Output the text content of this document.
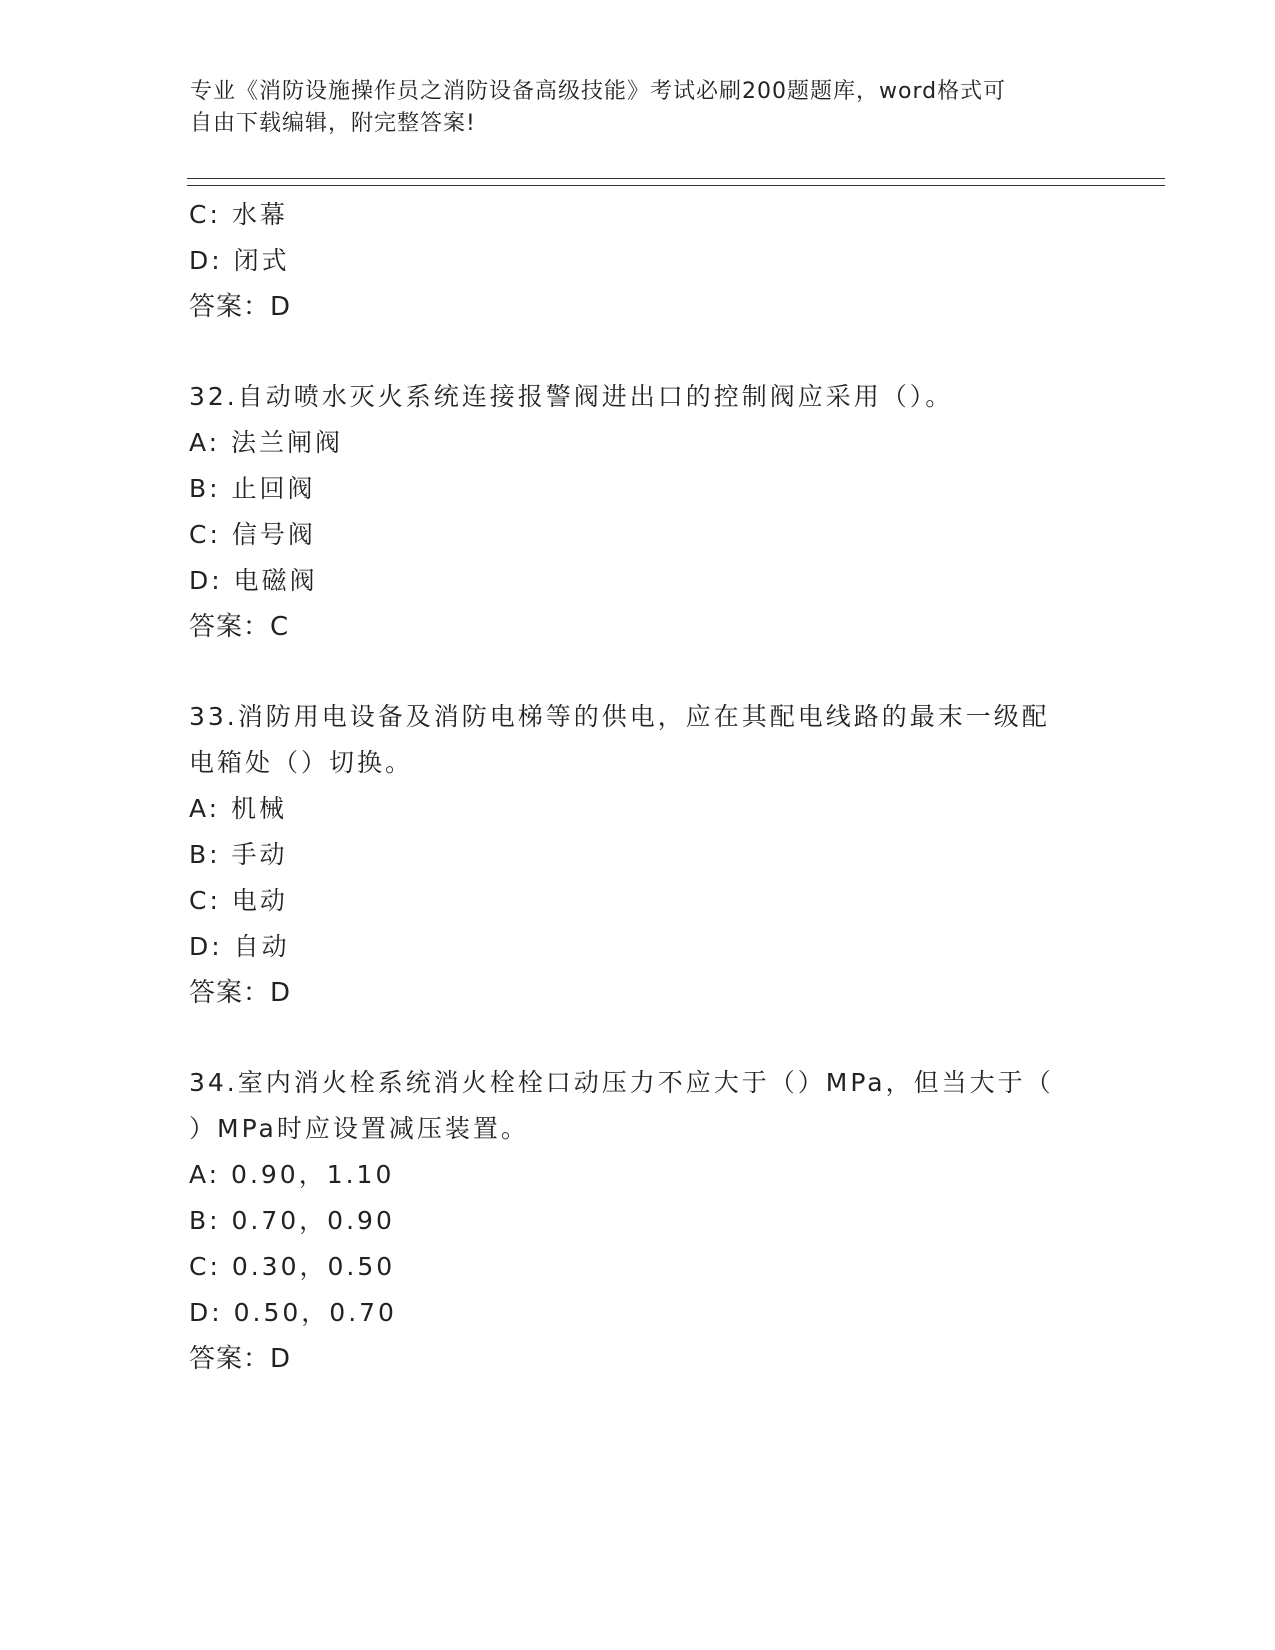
专业《消防设施操作员之消防设备高级技能》考试必刷200题题库，word格式可
自由下载编辑，附完整答案!
C: 水幕
D: 闭式
答案：D
32.自动喷水灭火系统连接报警阀进出口的控制阀应采用（）。
A: 法兰闸阀
B: 止回阀
C: 信号阀
D: 电磁阀
答案：C
33.消防用电设备及消防电梯等的供电，应在其配电线路的最末一级配
电箱处（）切换。
A: 机械
B: 手动
C: 电动
D: 自动
答案：D
34.室内消火栓系统消火栓栓口动压力不应大于（）MPa，但当大于（
）MPa时应设置减压装置。
A: 0.90，1.10
B: 0.70，0.90
C: 0.30，0.50
D: 0.50，0.70
答案：D
